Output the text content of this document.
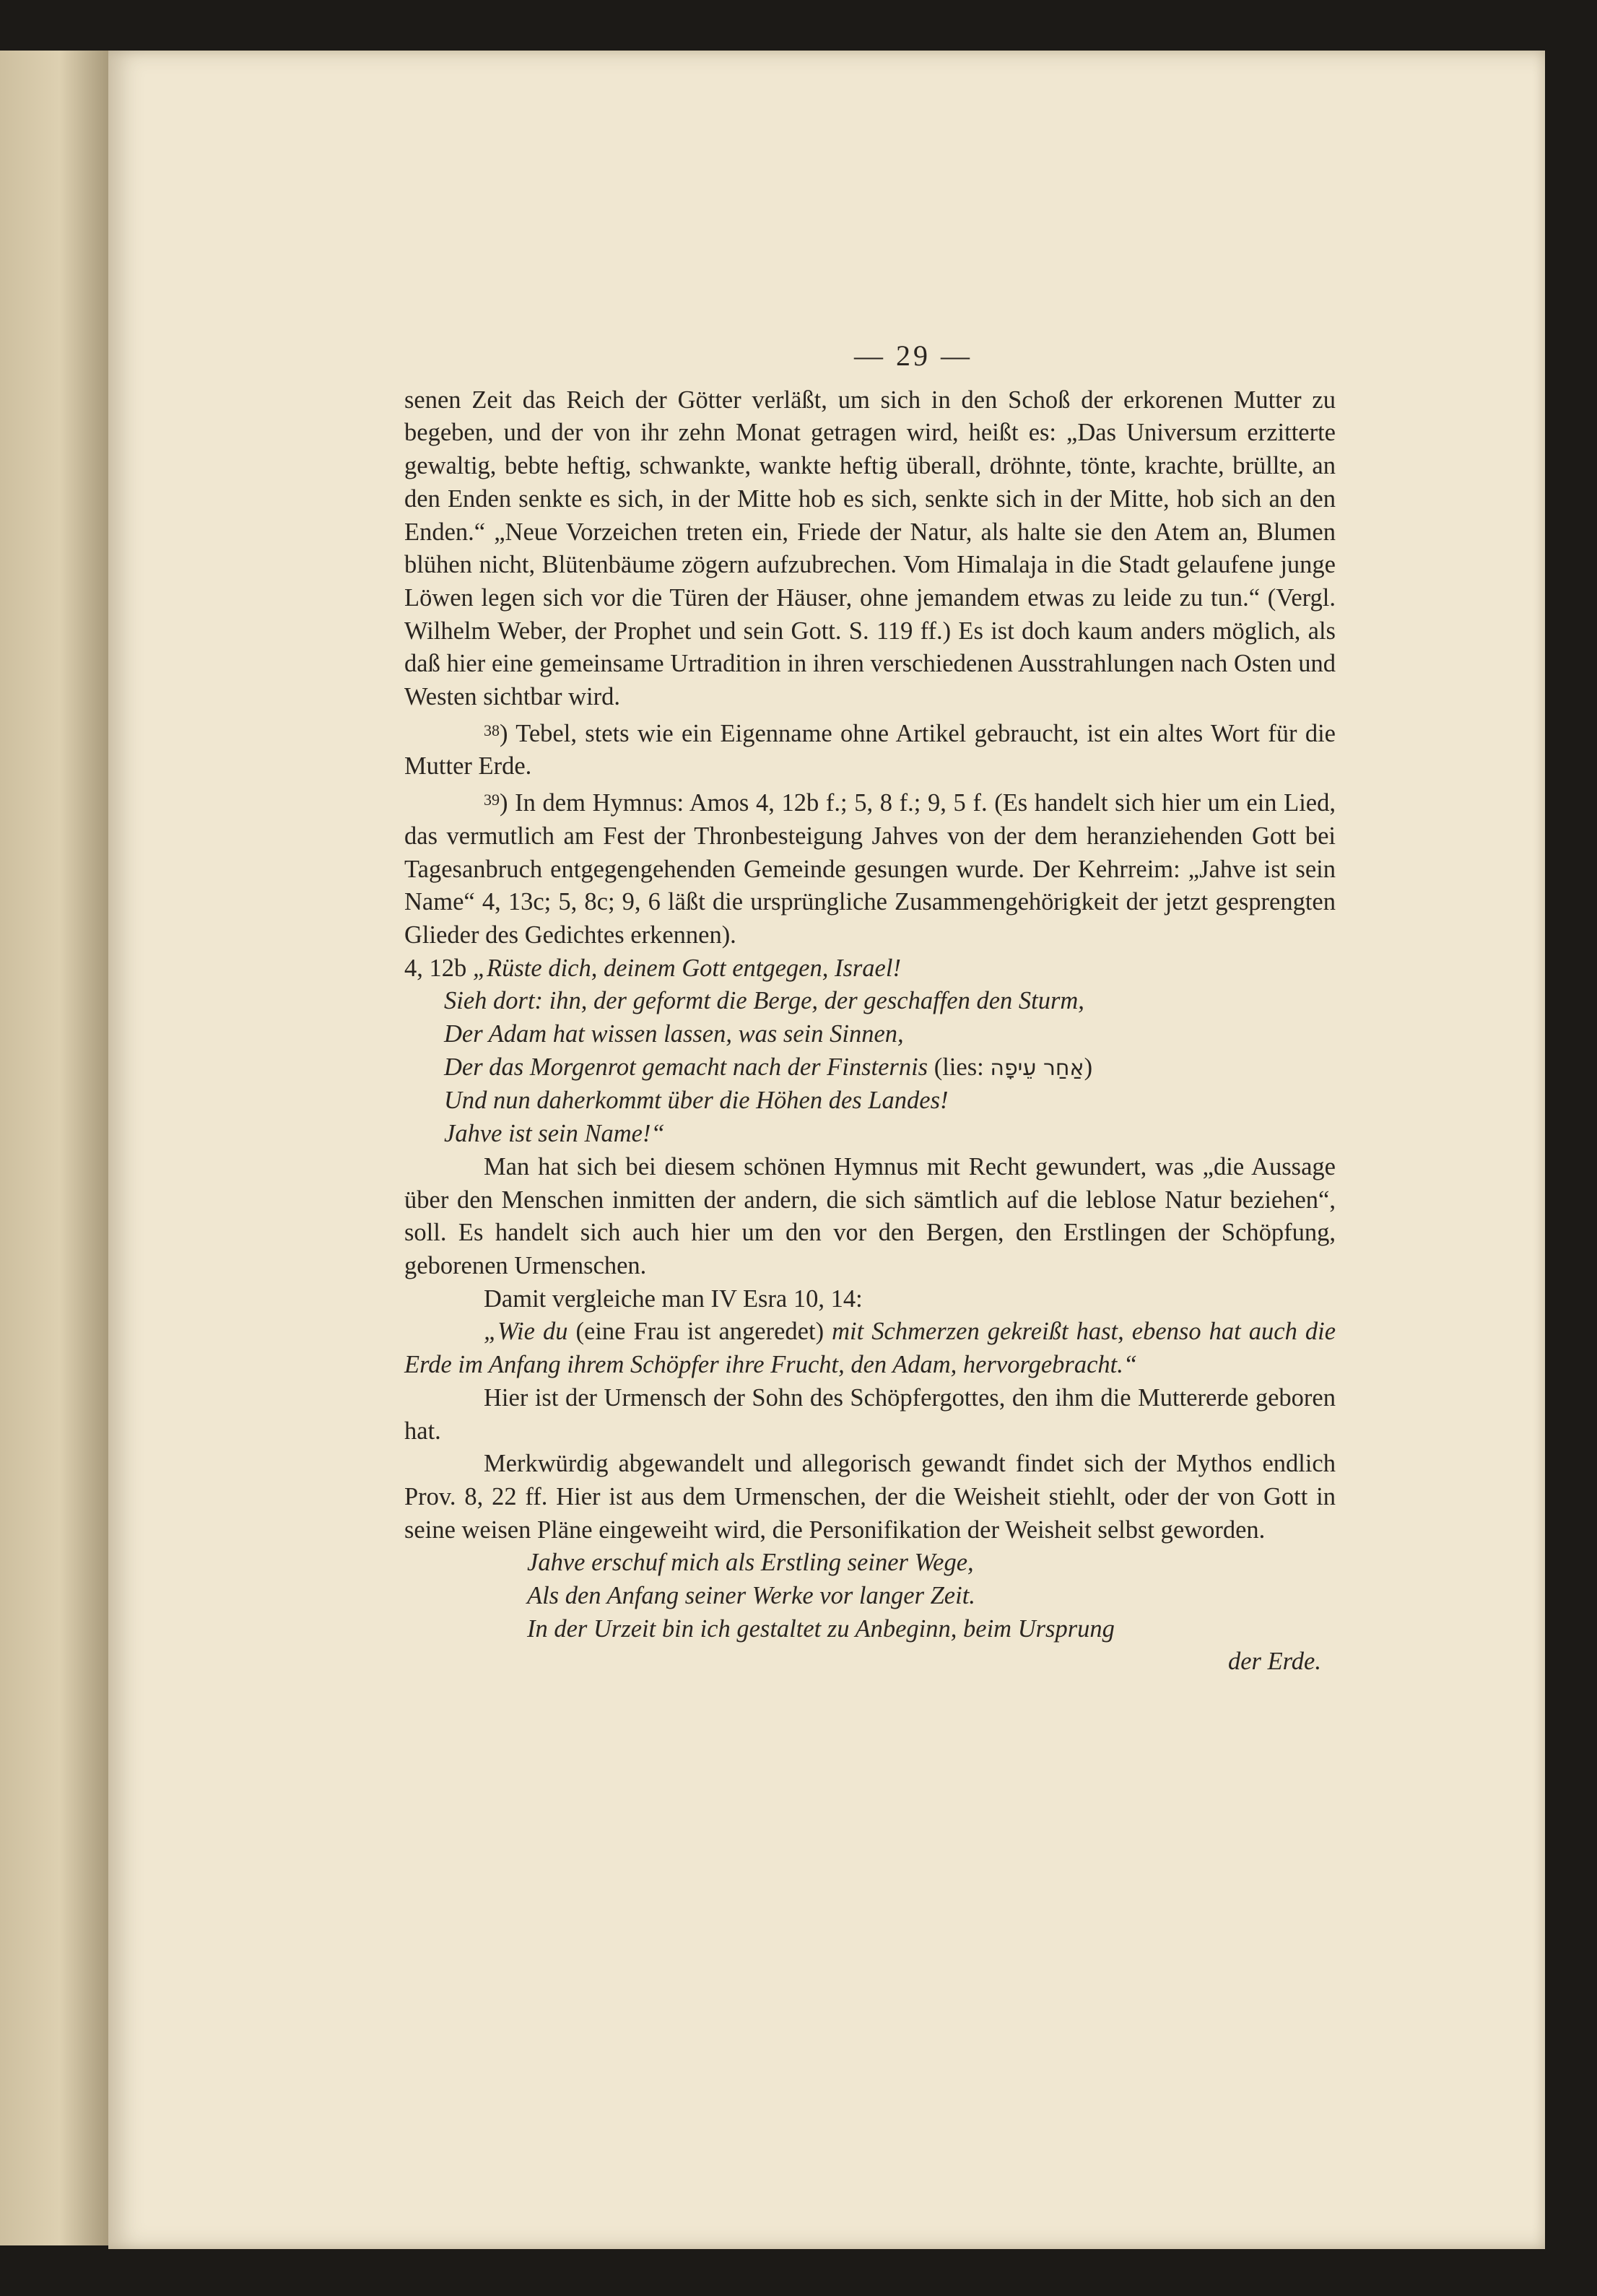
— 29 —

senen Zeit das Reich der Götter verläßt, um sich in den Schoß der erkorenen Mutter zu begeben, und der von ihr zehn Monat getragen wird, heißt es: „Das Universum erzitterte gewaltig, bebte heftig, schwankte, wankte heftig überall, dröhnte, tönte, krachte, brüllte, an den Enden senkte es sich, in der Mitte hob es sich, senkte sich in der Mitte, hob sich an den Enden.“ „Neue Vorzeichen treten ein, Friede der Natur, als halte sie den Atem an, Blumen blühen nicht, Blütenbäume zögern aufzubrechen. Vom Himalaja in die Stadt gelaufene junge Löwen legen sich vor die Türen der Häuser, ohne jemandem etwas zu leide zu tun.“ (Vergl. Wilhelm Weber, der Prophet und sein Gott. S. 119 ff.) Es ist doch kaum anders möglich, als daß hier eine gemeinsame Urtradition in ihren verschiedenen Ausstrahlungen nach Osten und Westen sichtbar wird.

$^{38}$) Tebel, stets wie ein Eigenname ohne Artikel gebraucht, ist ein altes Wort für die Mutter Erde.

$^{39}$) In dem Hymnus: Amos 4, 12b f.; 5, 8 f.; 9, 5 f. (Es handelt sich hier um ein Lied, das vermutlich am Fest der Thronbesteigung Jahves von der dem heranziehenden Gott bei Tagesanbruch entgegengehenden Gemeinde gesungen wurde. Der Kehrreim: „Jahve ist sein Name“ 4, 13c; 5, 8c; 9, 6 läßt die ursprüngliche Zusammengehörigkeit der jetzt gesprengten Glieder des Gedichtes erkennen).

4, 12b „Rüste dich, deinem Gott entgegen, Israel!

Sieh dort: ihn, der geformt die Berge, der geschaffen den Sturm,

Der Adam hat wissen lassen, was sein Sinnen,

Der das Morgenrot gemacht nach der Finsternis (lies: אַחַר עֵיפָה)

Und nun daherkommt über die Höhen des Landes!

Jahve ist sein Name!“

Man hat sich bei diesem schönen Hymnus mit Recht gewundert, was „die Aussage über den Menschen inmitten der andern, die sich sämtlich auf die leblose Natur beziehen“, soll. Es handelt sich auch hier um den vor den Bergen, den Erstlingen der Schöpfung, geborenen Urmenschen.

Damit vergleiche man IV Esra 10, 14:

„Wie du (eine Frau ist angeredet) mit Schmerzen gekreißt hast, ebenso hat auch die Erde im Anfang ihrem Schöpfer ihre Frucht, den Adam, hervorgebracht.“

Hier ist der Urmensch der Sohn des Schöpfergottes, den ihm die Muttererde geboren hat.

Merkwürdig abgewandelt und allegorisch gewandt findet sich der Mythos endlich Prov. 8, 22 ff. Hier ist aus dem Urmenschen, der die Weisheit stiehlt, oder der von Gott in seine weisen Pläne eingeweiht wird, die Personifikation der Weisheit selbst geworden.

Jahve erschuf mich als Erstling seiner Wege,

Als den Anfang seiner Werke vor langer Zeit.

In der Urzeit bin ich gestaltet zu Anbeginn, beim Ursprung

der Erde.
